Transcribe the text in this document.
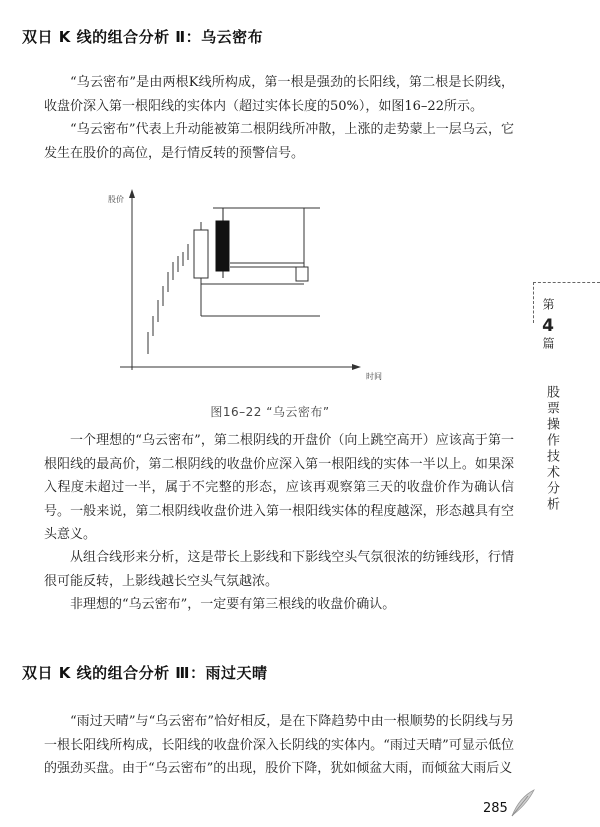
双日 K 线的组合分析 Ⅱ：乌云密布

“乌云密布”是由两根K线所构成，第一根是强劲的长阳线，第二根是长阴线，收盘价深入第一根阳线的实体内（超过实体长度的50%），如图16–22所示。

“乌云密布”代表上升动能被第二根阴线所冲散，上涨的走势蒙上一层乌云，它发生在股价的高位，是行情反转的预警信号。

股价
时间
图16–22 “乌云密布”

一个理想的“乌云密布”，第二根阴线的开盘价（向上跳空高开）应该高于第一根阳线的最高价，第二根阴线的收盘价应深入第一根阳线的实体一半以上。如果深入程度未超过一半，属于不完整的形态，应该再观察第三天的收盘价作为确认信号。一般来说，第二根阴线收盘价进入第一根阳线实体的程度越深，形态越具有空头意义。

从组合线形来分析，这是带长上影线和下影线空头气氛很浓的纺锤线形，行情很可能反转，上影线越长空头气氛越浓。

非理想的“乌云密布”，一定要有第三根线的收盘价确认。

双日 K 线的组合分析 Ⅲ：雨过天晴

“雨过天晴”与“乌云密布”恰好相反，是在下降趋势中由一根顺势的长阴线与另一根长阳线所构成，长阳线的收盘价深入长阴线的实体内。“雨过天晴”可显示低位的强劲买盘。由于“乌云密布”的出现，股价下降，犹如倾盆大雨，而倾盆大雨后义

第
4
篇
股票操作技术分析
285
